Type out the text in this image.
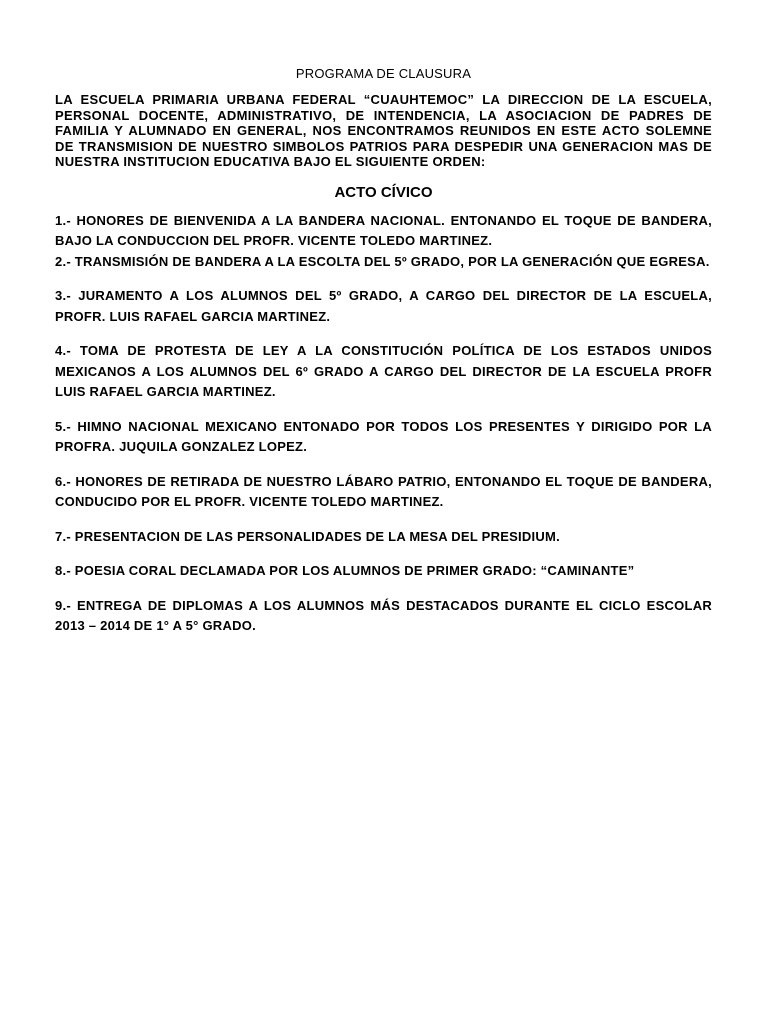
PROGRAMA DE CLAUSURA

LA ESCUELA PRIMARIA URBANA FEDERAL “CUAUHTEMOC” LA DIRECCION DE LA ESCUELA, PERSONAL DOCENTE, ADMINISTRATIVO, DE INTENDENCIA, LA ASOCIACION DE PADRES DE FAMILIA Y ALUMNADO EN GENERAL, NOS ENCONTRAMOS REUNIDOS EN ESTE ACTO SOLEMNE DE TRANSMISION DE NUESTRO SIMBOLOS PATRIOS PARA DESPEDIR UNA GENERACION MAS DE NUESTRA INSTITUCION EDUCATIVA BAJO EL SIGUIENTE ORDEN:

ACTO CÍVICO

1.- HONORES DE BIENVENIDA A LA BANDERA NACIONAL. ENTONANDO EL TOQUE DE BANDERA, BAJO LA CONDUCCION DEL PROFR. VICENTE TOLEDO MARTINEZ.

2.- TRANSMISIÓN DE BANDERA A LA ESCOLTA DEL 5º GRADO, POR LA GENERACIÓN QUE EGRESA.

3.- JURAMENTO A LOS ALUMNOS DEL 5º GRADO, A CARGO DEL DIRECTOR DE LA ESCUELA, PROFR. LUIS RAFAEL GARCIA MARTINEZ.

4.- TOMA DE PROTESTA DE LEY A LA CONSTITUCIÓN POLÍTICA DE LOS ESTADOS UNIDOS MEXICANOS A LOS ALUMNOS DEL 6º GRADO A CARGO DEL DIRECTOR DE LA ESCUELA PROFR LUIS RAFAEL GARCIA MARTINEZ.

5.- HIMNO NACIONAL MEXICANO ENTONADO POR TODOS LOS PRESENTES Y DIRIGIDO POR LA PROFRA. JUQUILA GONZALEZ LOPEZ.

6.- HONORES DE RETIRADA DE NUESTRO LÁBARO PATRIO, ENTONANDO EL TOQUE DE BANDERA, CONDUCIDO POR EL PROFR. VICENTE TOLEDO MARTINEZ.

7.- PRESENTACION DE LAS PERSONALIDADES DE LA MESA DEL PRESIDIUM.

8.- POESIA CORAL DECLAMADA POR LOS ALUMNOS DE PRIMER GRADO: “CAMINANTE”

9.- ENTREGA DE DIPLOMAS A LOS ALUMNOS MÁS DESTACADOS DURANTE EL CICLO ESCOLAR 2013 – 2014 DE 1° A 5° GRADO.
